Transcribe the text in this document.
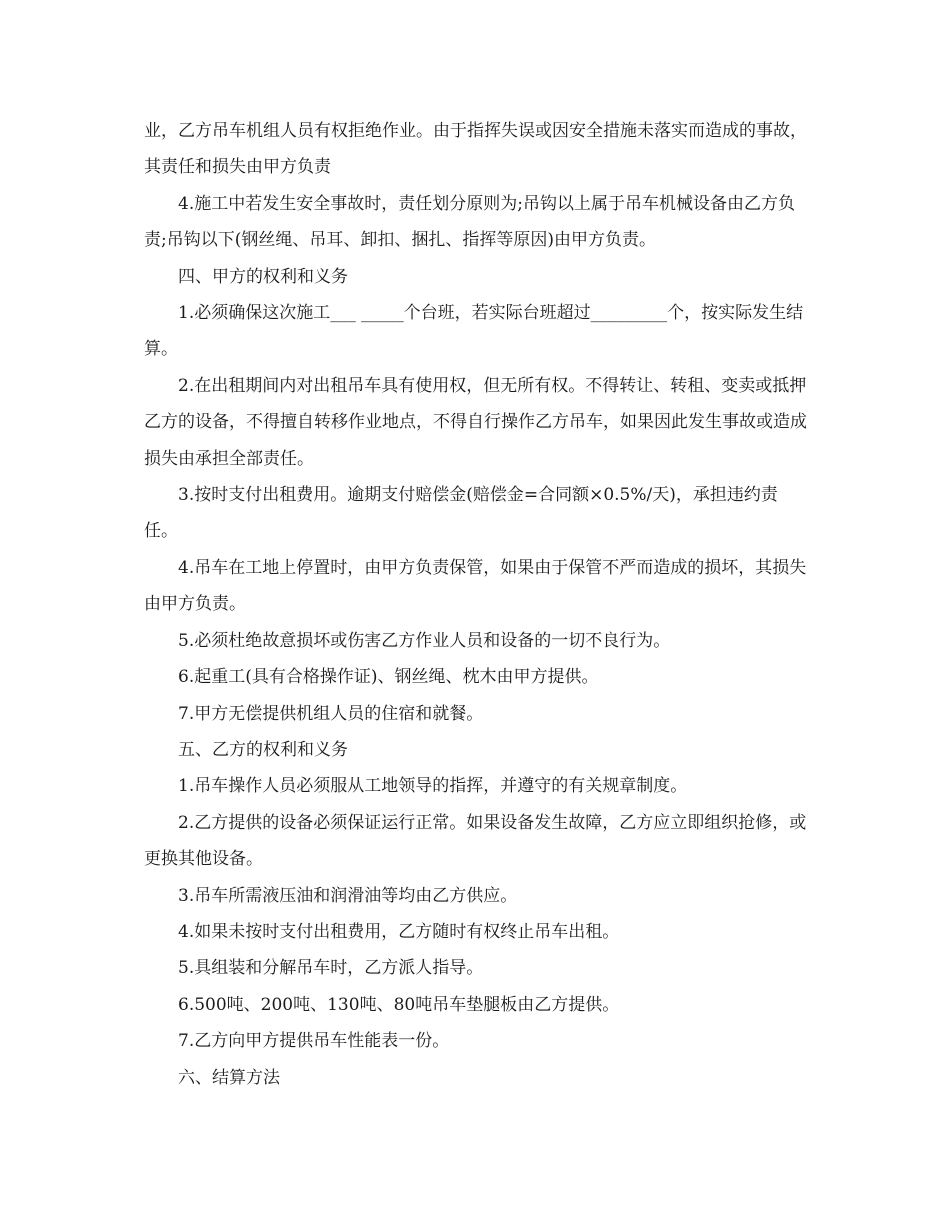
业，乙方吊车机组人员有权拒绝作业。由于指挥失误或因安全措施未落实而造成的事故，其责任和损失由甲方负责

4.施工中若发生安全事故时，责任划分原则为;吊钩以上属于吊车机械设备由乙方负责;吊钩以下(钢丝绳、吊耳、卸扣、捆扎、指挥等原因)由甲方负责。

四、甲方的权利和义务

1.必须确保这次施工___ _____个台班，若实际台班超过_________个，按实际发生结算。

2.在出租期间内对出租吊车具有使用权，但无所有权。不得转让、转租、变卖或抵押乙方的设备，不得擅自转移作业地点，不得自行操作乙方吊车，如果因此发生事故或造成损失由承担全部责任。

3.按时支付出租费用。逾期支付赔偿金(赔偿金=合同额×0.5%/天)，承担违约责任。

4.吊车在工地上停置时，由甲方负责保管，如果由于保管不严而造成的损坏，其损失由甲方负责。

5.必须杜绝故意损坏或伤害乙方作业人员和设备的一切不良行为。

6.起重工(具有合格操作证)、钢丝绳、枕木由甲方提供。

7.甲方无偿提供机组人员的住宿和就餐。

五、乙方的权利和义务

1.吊车操作人员必须服从工地领导的指挥，并遵守的有关规章制度。

2.乙方提供的设备必须保证运行正常。如果设备发生故障，乙方应立即组织抢修，或更换其他设备。

3.吊车所需液压油和润滑油等均由乙方供应。

4.如果未按时支付出租费用，乙方随时有权终止吊车出租。

5.具组装和分解吊车时，乙方派人指导。

6.500吨、200吨、130吨、80吨吊车垫腿板由乙方提供。

7.乙方向甲方提供吊车性能表一份。

六、结算方法
